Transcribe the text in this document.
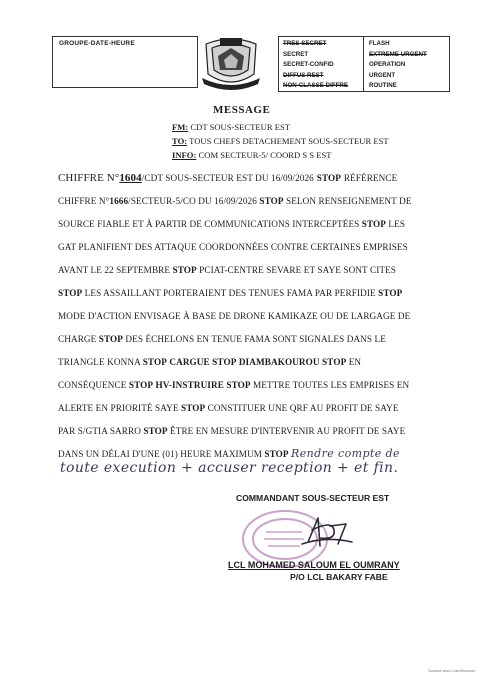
GROUPE-DATE-HEURE	TRES SECRET
SECRET
SECRET-CONFID
DIFFUS REST
NON-CLASSE DIFFRE
FLASH
EXTREME URGENT
OPERATION
URGENT
ROUTINE
MESSAGE
FM: CDT SOUS-SECTEUR EST
TO: TOUS CHEFS DETACHEMENT SOUS-SECTEUR EST
INFO: COM SECTEUR-5/ COORD S S EST
CHIFFRE N°1604/CDT SOUS-SECTEUR EST DU 16/09/2026 STOP RÉFÉRENCE
CHIFFRE N°1666/SECTEUR-5/CO DU 16/09/2026 STOP SELON RENSEIGNEMENT DE
SOURCE FIABLE ET À PARTIR DE COMMUNICATIONS INTERCEPTÉES STOP LES
GAT PLANIFIENT DES ATTAQUE COORDONNÉES CONTRE CERTAINES EMPRISES
AVANT LE 22 SEPTEMBRE STOP PCIAT-CENTRE SEVARE ET SAYE SONT CITES
STOP LES ASSAILLANT PORTERAIENT DES TENUES FAMA PAR PERFIDIE STOP
MODE D'ACTION ENVISAGE À BASE DE DRONE KAMIKAZE OU DE LARGAGE DE
CHARGE STOP DES ÉCHELONS EN TENUE FAMA SONT SIGNALES DANS LE
TRIANGLE KONNA STOP CARGUE STOP DIAMBAKOUROU STOP EN
CONSÉQUENCE STOP HV-INSTRUIRE STOP METTRE TOUTES LES EMPRISES EN
ALERTE EN PRIORITÉ SAYE STOP CONSTITUER UNE QRF AU PROFIT DE SAYE
PAR S/GTIA SARRO STOP ÊTRE EN MESURE D'INTERVENIR AU PROFIT DE SAYE
DANS UN DÉLAI D'UNE (01) HEURE MAXIMUM STOP Rendre compte de
toute execution + accuser reception + et fin.
COMMANDANT SOUS-SECTEUR EST
LCL MOHAMED SALOUM EL OUMRANY
P/O LCL BAKARY FABE
Scanné avec CamScanner
